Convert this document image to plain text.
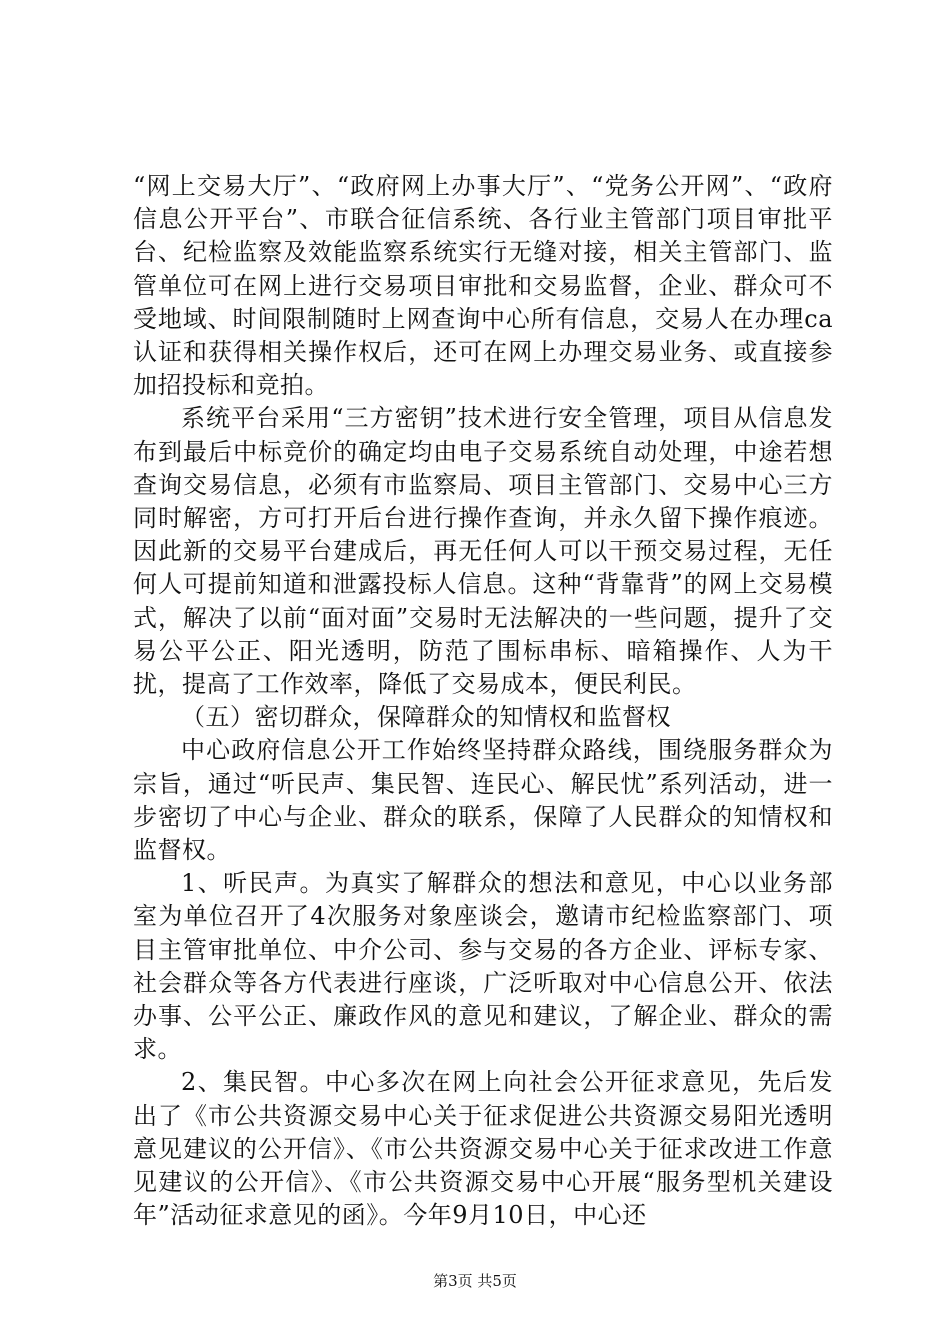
“网上交易大厅”、“政府网上办事大厅”、“党务公开网”、“政府信息公开平台”、市联合征信系统、各行业主管部门项目审批平台、纪检监察及效能监察系统实行无缝对接，相关主管部门、监管单位可在网上进行交易项目审批和交易监督，企业、群众可不受地域、时间限制随时上网查询中心所有信息，交易人在办理ca认证和获得相关操作权后，还可在网上办理交易业务、或直接参加招投标和竞拍。

系统平台采用“三方密钥”技术进行安全管理，项目从信息发布到最后中标竞价的确定均由电子交易系统自动处理，中途若想查询交易信息，必须有市监察局、项目主管部门、交易中心三方同时解密，方可打开后台进行操作查询，并永久留下操作痕迹。因此新的交易平台建成后，再无任何人可以干预交易过程，无任何人可提前知道和泄露投标人信息。这种“背靠背”的网上交易模式，解决了以前“面对面”交易时无法解决的一些问题，提升了交易公平公正、阳光透明，防范了围标串标、暗箱操作、人为干扰，提高了工作效率，降低了交易成本，便民利民。

（五）密切群众，保障群众的知情权和监督权

中心政府信息公开工作始终坚持群众路线，围绕服务群众为宗旨，通过“听民声、集民智、连民心、解民忧”系列活动，进一步密切了中心与企业、群众的联系，保障了人民群众的知情权和监督权。

1、听民声。为真实了解群众的想法和意见，中心以业务部室为单位召开了4次服务对象座谈会，邀请市纪检监察部门、项目主管审批单位、中介公司、参与交易的各方企业、评标专家、社会群众等各方代表进行座谈，广泛听取对中心信息公开、依法办事、公平公正、廉政作风的意见和建议，了解企业、群众的需求。

2、集民智。中心多次在网上向社会公开征求意见，先后发出了《市公共资源交易中心关于征求促进公共资源交易阳光透明意见建议的公开信》、《市公共资源交易中心关于征求改进工作意见建议的公开信》、《市公共资源交易中心开展“服务型机关建设年”活动征求意见的函》。今年9月10日，中心还

第3页 共5页
